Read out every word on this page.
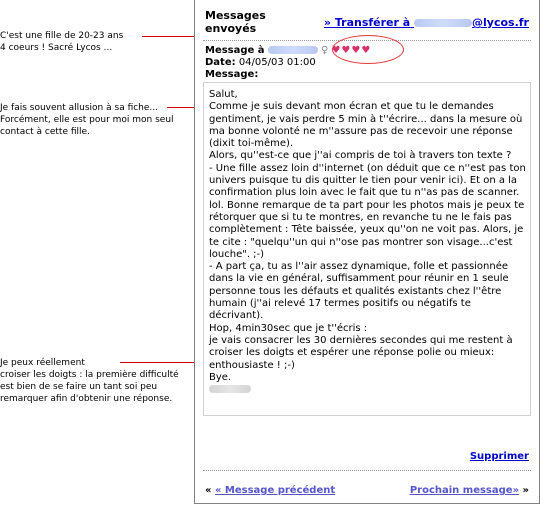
C'est une fille de 20-23 ans
4 coeurs ! Sacré Lycos ...
Je fais souvent allusion à sa fiche... Forcément, elle est pour moi mon seul contact à cette fille.
Je peux réellement
croiser les doigts : la première difficulté est bien de se faire un tant soi peu remarquer afin d'obtenir une réponse.
Messages envoyés	» Transférer à	@lycos.fr
Message à	♀ ♥♥♥♥
Date: 04/05/03 01:00
Message:
Salut,
Comme je suis devant mon écran et que tu le demandes gentiment, je vais perdre 5 min à t''écrire... dans la mesure où ma bonne volonté ne m''assure pas de recevoir une réponse (dixit toi-même).
Alors, qu''est-ce que j''ai compris de toi à travers ton texte ?
- Une fille assez loin d''internet (on déduit que ce n''est pas ton univers puisque tu dis quitter le tien pour venir ici). Et on a la confirmation plus loin avec le fait que tu n''as pas de scanner. lol. Bonne remarque de ta part pour les photos mais je peux te rétorquer que si tu te montres, en revanche tu ne le fais pas complètement : Tête baissée, yeux qu''on ne voit pas. Alors, je te cite : "quelqu''un qui n''ose pas montrer son visage...c'est louche". ;-)
- A part ça, tu as l''air assez dynamique, folle et passionnée dans la vie en général, suffisamment pour réunir en 1 seule personne tous les défauts et qualités existants chez l''être humain (j''ai relevé 17 termes positifs ou négatifs te décrivant).
Hop, 4min30sec que je t''écris :
je vais consacrer les 30 dernières secondes qui me restent à croiser les doigts et espérer une réponse polie ou mieux: enthousiaste ! ;-)
Bye.

Supprimer
« « Message précédent	Prochain message» »
